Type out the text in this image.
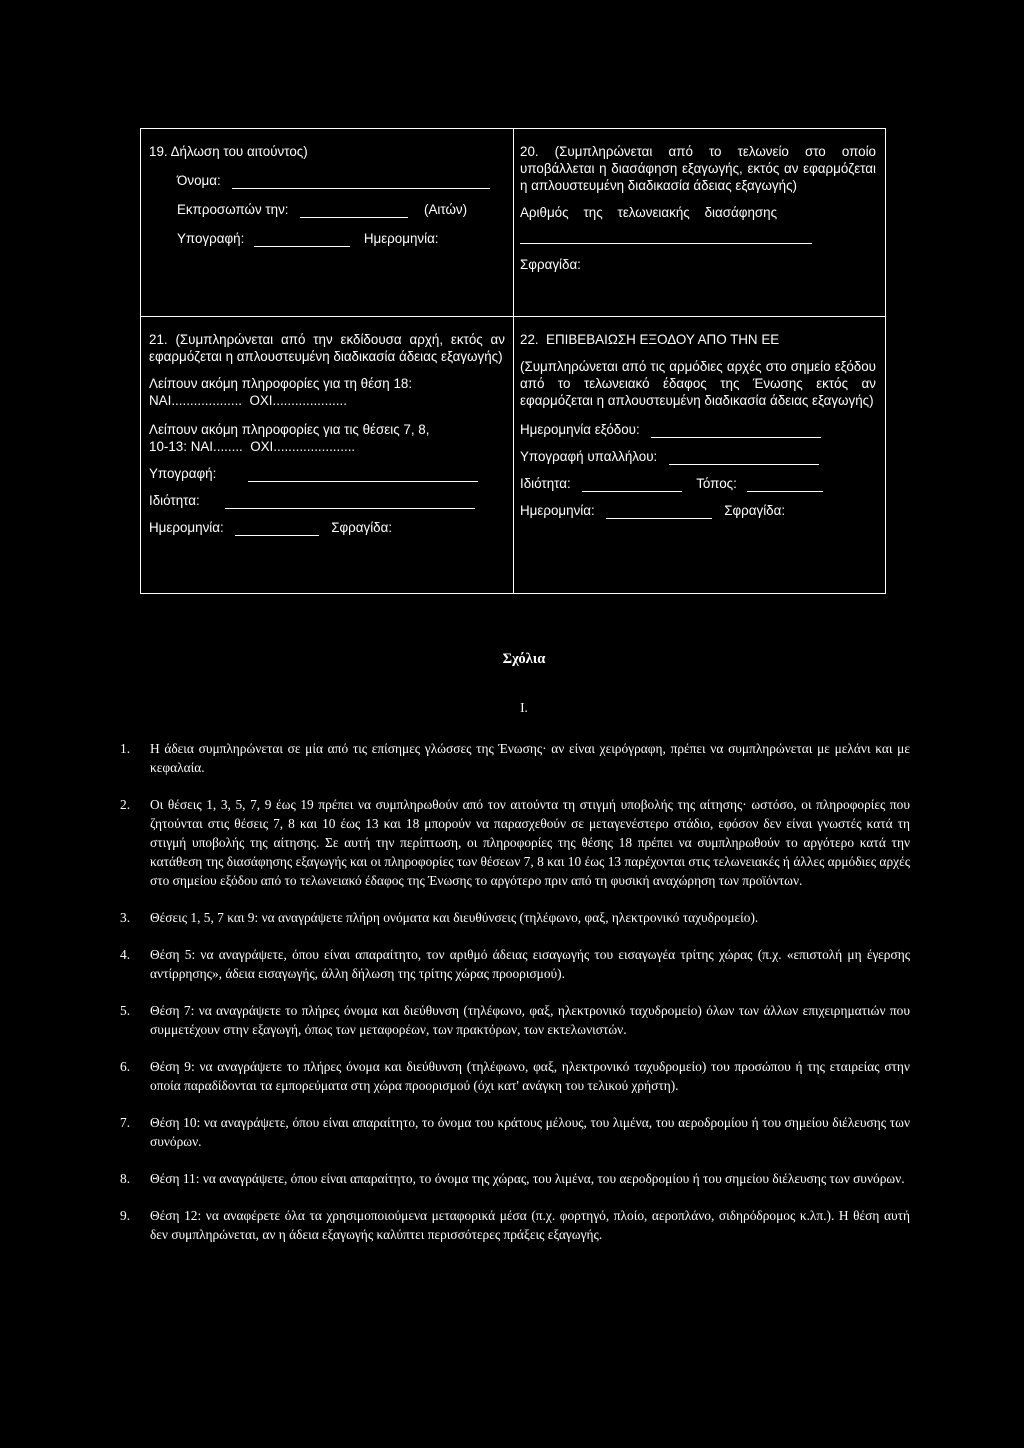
19. Δήλωση του αιτούντος)
Όνομα:
Εκπροσωπών την:	(Αιτών)
Υπογραφή:	Ημερομηνία:
20. (Συμπληρώνεται από το τελωνείο στο οποίο υποβάλλεται η διασάφηση εξαγωγής, εκτός αν εφαρμόζεται η απλουστευμένη διαδικασία άδειας εξαγωγής)
Αριθμός    της    τελωνειακής    διασάφησης
Σφραγίδα:
21. (Συμπληρώνεται από την εκδίδουσα αρχή, εκτός αν εφαρμόζεται η απλουστευμένη διαδικασία άδειας εξαγωγής)
Λείπουν ακόμη πληροφορίες για τη θέση 18:
ΝΑΙ...................  ΟΧΙ....................
Λείπουν ακόμη πληροφορίες για τις θέσεις 7, 8,
10-13: ΝΑΙ........  ΟΧΙ......................
Υπογραφή:
Ιδιότητα:
Ημερομηνία:	Σφραγίδα:
22.  ΕΠΙΒΕΒΑΙΩΣΗ ΕΞΟΔΟΥ ΑΠΟ ΤΗΝ ΕΕ
(Συμπληρώνεται από τις αρμόδιες αρχές στο σημείο εξόδου από το τελωνειακό έδαφος της Ένωσης εκτός αν εφαρμόζεται η απλουστευμένη διαδικασία άδειας εξαγωγής)
Ημερομηνία εξόδου:
Υπογραφή υπαλλήλου:
Ιδιότητα:	Τόπος:
Ημερομηνία:	Σφραγίδα:
Σχόλια
I.
1. Η άδεια συμπληρώνεται σε μία από τις επίσημες γλώσσες της Ένωσης· αν είναι χειρόγραφη, πρέπει να συμπληρώνεται με μελάνι και με κεφαλαία.
2. Οι θέσεις 1, 3, 5, 7, 9 έως 19 πρέπει να συμπληρωθούν από τον αιτούντα τη στιγμή υποβολής της αίτησης· ωστόσο, οι πληροφορίες που ζητούνται στις θέσεις 7, 8 και 10 έως 13 και 18 μπορούν να παρασχεθούν σε μεταγενέστερο στάδιο, εφόσον δεν είναι γνωστές κατά τη στιγμή υποβολής της αίτησης. Σε αυτή την περίπτωση, οι πληροφορίες της θέσης 18 πρέπει να συμπληρωθούν το αργότερο κατά την κατάθεση της διασάφησης εξαγωγής και οι πληροφορίες των θέσεων 7, 8 και 10 έως 13 παρέχονται στις τελωνειακές ή άλλες αρμόδιες αρχές στο σημείου εξόδου από το τελωνειακό έδαφος της Ένωσης το αργότερο πριν από τη φυσική αναχώρηση των προϊόντων.
3. Θέσεις 1, 5, 7 και 9: να αναγράψετε πλήρη ονόματα και διευθύνσεις (τηλέφωνο, φαξ, ηλεκτρονικό ταχυδρομείο).
4. Θέση 5: να αναγράψετε, όπου είναι απαραίτητο, τον αριθμό άδειας εισαγωγής του εισαγωγέα τρίτης χώρας (π.χ. «επιστολή μη έγερσης αντίρρησης», άδεια εισαγωγής, άλλη δήλωση της τρίτης χώρας προορισμού).
5. Θέση 7: να αναγράψετε το πλήρες όνομα και διεύθυνση (τηλέφωνο, φαξ, ηλεκτρονικό ταχυδρομείο) όλων των άλλων επιχειρηματιών που συμμετέχουν στην εξαγωγή, όπως των μεταφορέων, των πρακτόρων, των εκτελωνιστών.
6. Θέση 9: να αναγράψετε το πλήρες όνομα και διεύθυνση (τηλέφωνο, φαξ, ηλεκτρονικό ταχυδρομείο) του προσώπου ή της εταιρείας στην οποία παραδίδονται τα εμπορεύματα στη χώρα προορισμού (όχι κατ' ανάγκη του τελικού χρήστη).
7. Θέση 10: να αναγράψετε, όπου είναι απαραίτητο, το όνομα του κράτους μέλους, του λιμένα, του αεροδρομίου ή του σημείου διέλευσης των συνόρων.
8. Θέση 11: να αναγράψετε, όπου είναι απαραίτητο, το όνομα της χώρας, του λιμένα, του αεροδρομίου ή του σημείου διέλευσης των συνόρων.
9. Θέση 12: να αναφέρετε όλα τα χρησιμοποιούμενα μεταφορικά μέσα (π.χ. φορτηγό, πλοίο, αεροπλάνο, σιδηρόδρομος κ.λπ.). Η θέση αυτή δεν συμπληρώνεται, αν η άδεια εξαγωγής καλύπτει περισσότερες πράξεις εξαγωγής.
